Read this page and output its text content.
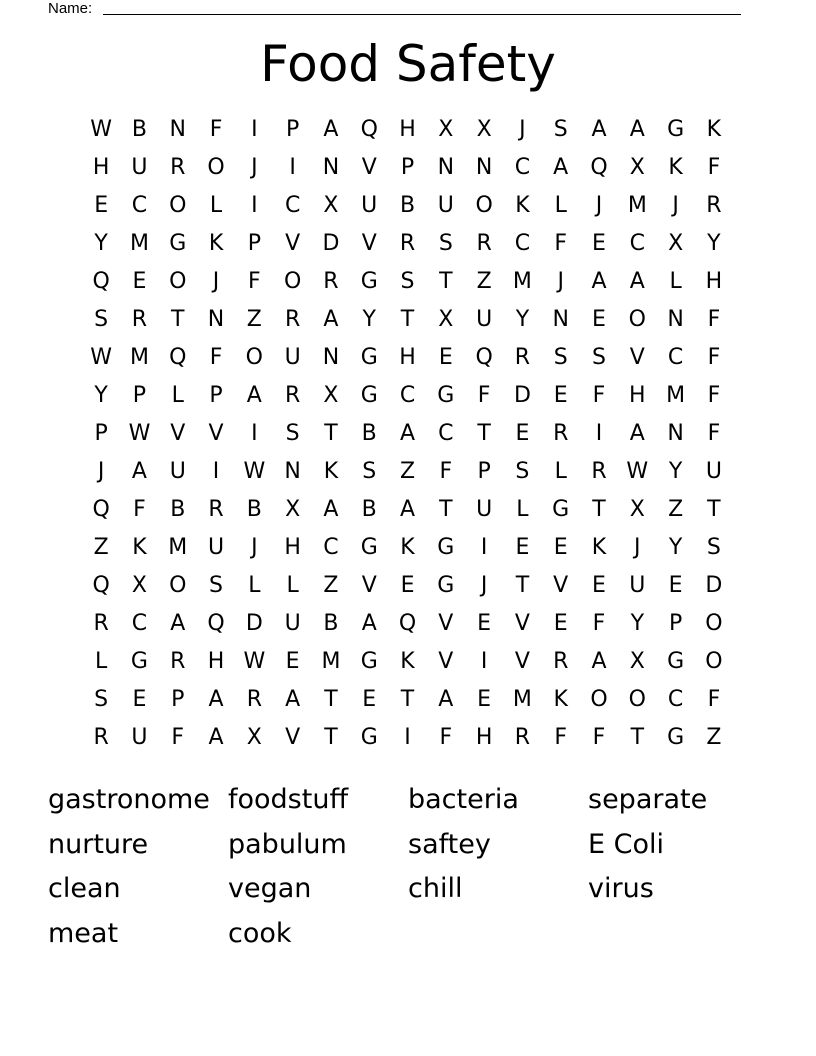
Name:
Food Safety
W B	N	F	I	P	A	Q H	X	X	J	S	A	A	G	K
H U	R O	J	I	N	V	P	N N	C	A	Q	X	K	F
E	C O	L	I	C	X	U	B	U O	K	L	J	M	J	R
Y	M G	K	P	V	D	V	R	S	R	C	F	E	C	X	Y
Q	E	O	J	F	O R	G	S	T	Z M	J	A	A	L	H
S	R	T	N	Z	R	A	Y	T	X	U	Y	N	E	O N	F
W M Q	F	O U	N G H	E	Q R	S	S	V	C	F
Y	P	L	P	A	R	X	G	C	G	F	D	E	F	H M	F
P W V	V	I	S	T	B	A	C	T	E	R	I	A	N	F
J	A	U	I	W N	K	S	Z	F	P	S	L	R W Y	U
Q	F	B	R	B	X	A	B	A	T	U	L	G	T	X	Z	T
Z	K M U	J	H	C	G	K	G	I	E	E	K	J	Y	S
Q	X	O	S	L	L	Z	V	E	G	J	T	V	E	U	E	D
R	C	A	Q D U	B	A	Q	V	E	V	E	F	Y	P	O
L	G	R	H W E M G	K	V	I	V	R	A	X	G O
S	E	P	A	R	A	T	E	T	A	E M K	O O C	F
R	U	F	A	X	V	T	G	I	F	H	R	F	F	T	G	Z
gastronome foodstuff	bacteria	separate
nurture	pabulum	saftey	E Coli
clean	vegan	chill	virus
meat	cook
